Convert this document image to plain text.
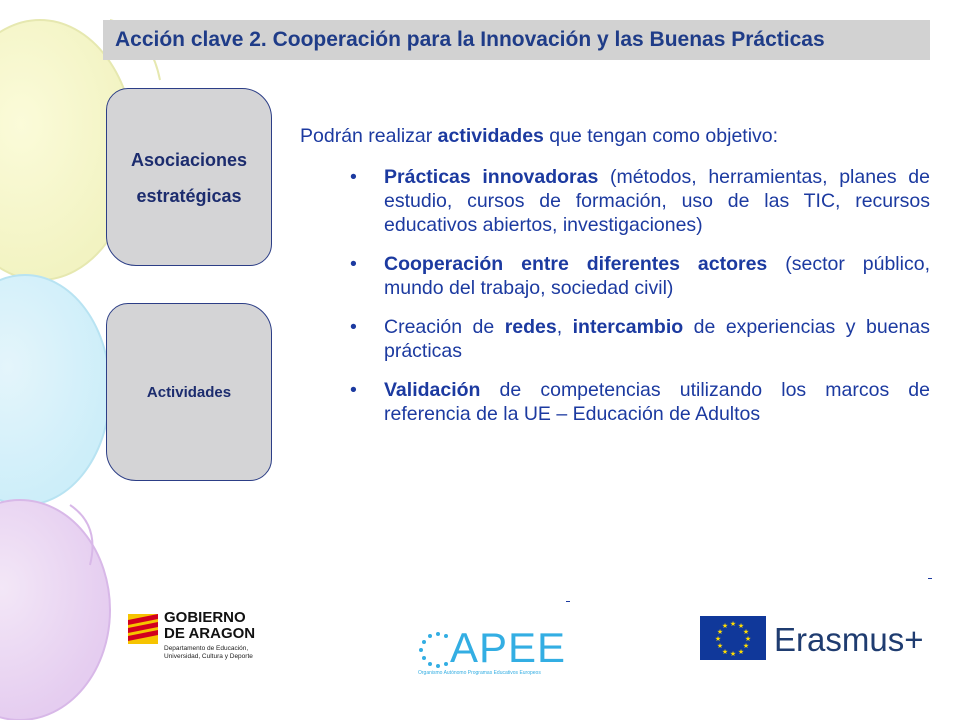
Acción clave 2. Cooperación para la Innovación y las Buenas Prácticas
Asociaciones
estratégicas
Actividades

Podrán realizar actividades que tengan como objetivo:

• Prácticas innovadoras (métodos, herramientas, planes de estudio, cursos de formación, uso de las TIC, recursos educativos abiertos, investigaciones)
• Cooperación entre diferentes actores (sector público, mundo del trabajo, sociedad civil)
• Creación de redes, intercambio de experiencias y buenas prácticas
• Validación de competencias utilizando los marcos de referencia de la UE – Educación de Adultos
GOBIERNO
DE ARAGON
Departamento de Educación,
Universidad, Cultura y Deporte	APEE
Organismo Autónomo Programas Educativos Europeos
★ ★
★
★
★
★
★
★
★
★
★
★ Erasmus+
